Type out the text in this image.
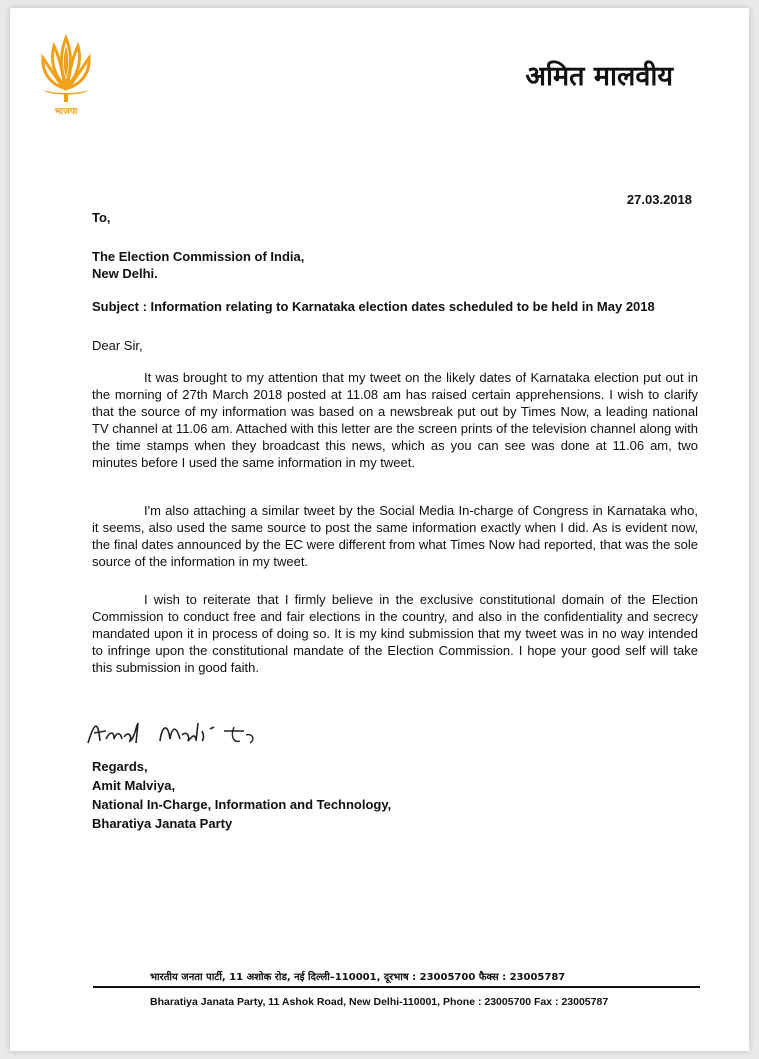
भाजपा
अमित मालवीय
27.03.2018
To,
The Election Commission of India,
New Delhi.
Subject : Information relating to Karnataka election dates scheduled to be held in May 2018
Dear Sir,
It was brought to my attention that my tweet on the likely dates of Karnataka election put out in the morning of 27th March 2018 posted at 11.08 am has raised certain apprehensions. I wish to clarify that the source of my information was based on a newsbreak put out by Times Now, a leading national TV channel at 11.06 am. Attached with this letter are the screen prints of the television channel along with the time stamps when they broadcast this news, which as you can see was done at 11.06 am, two minutes before I used the same information in my tweet.
I'm also attaching a similar tweet by the Social Media In-charge of Congress in Karnataka who, it seems, also used the same source to post the same information exactly when I did. As is evident now, the final dates announced by the EC were different from what Times Now had reported, that was the sole source of the information in my tweet.
I wish to reiterate that I firmly believe in the exclusive constitutional domain of the Election Commission to conduct free and fair elections in the country, and also in the confidentiality and secrecy mandated upon it in process of doing so. It is my kind submission that my tweet was in no way intended to infringe upon the constitutional mandate of the Election Commission. I hope your good self will take this submission in good faith.
Regards,
Amit Malviya,
National In-Charge, Information and Technology,
Bharatiya Janata Party
भारतीय जनता पार्टी, 11 अशोक रोड, नई दिल्ली–110001, दूरभाष : 23005700 फैक्स : 23005787
Bharatiya Janata Party, 11 Ashok Road, New Delhi-110001, Phone : 23005700 Fax : 23005787
